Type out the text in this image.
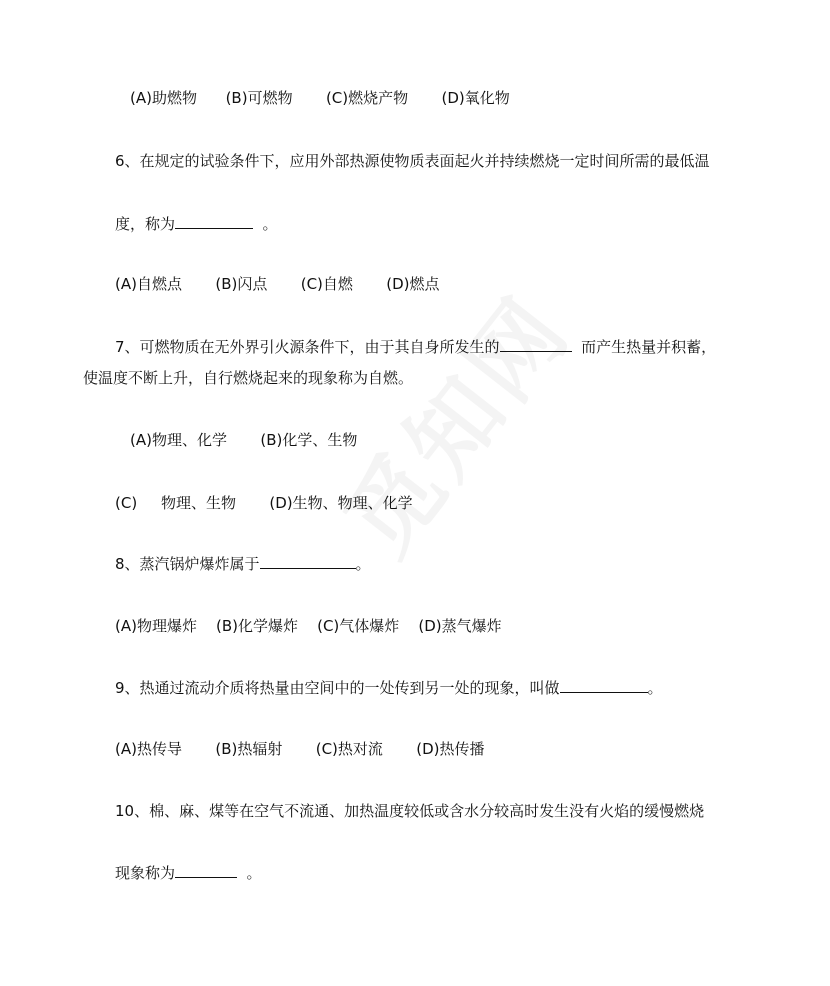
(A)助燃物      (B)可燃物       (C)燃烧产物       (D)氧化物
6、在规定的试验条件下，应用外部热源使物质表面起火并持续燃烧一定时间所需的最低温
度，称为	。
(A)自燃点       (B)闪点       (C)自燃       (D)燃点
7、可燃物质在无外界引火源条件下，由于其自身所发生的	而产生热量并积蓄，
使温度不断上升，自行燃烧起来的现象称为自燃。
(A)物理、化学       (B)化学、生物
(C)     物理、生物       (D)生物、物理、化学
8、蒸汽锅炉爆炸属于	。
(A)物理爆炸    (B)化学爆炸    (C)气体爆炸    (D)蒸气爆炸
9、热通过流动介质将热量由空间中的一处传到另一处的现象，叫做	。
(A)热传导       (B)热辐射       (C)热对流       (D)热传播
10、棉、麻、煤等在空气不流通、加热温度较低或含水分较高时发生没有火焰的缓慢燃烧
现象称为	。
